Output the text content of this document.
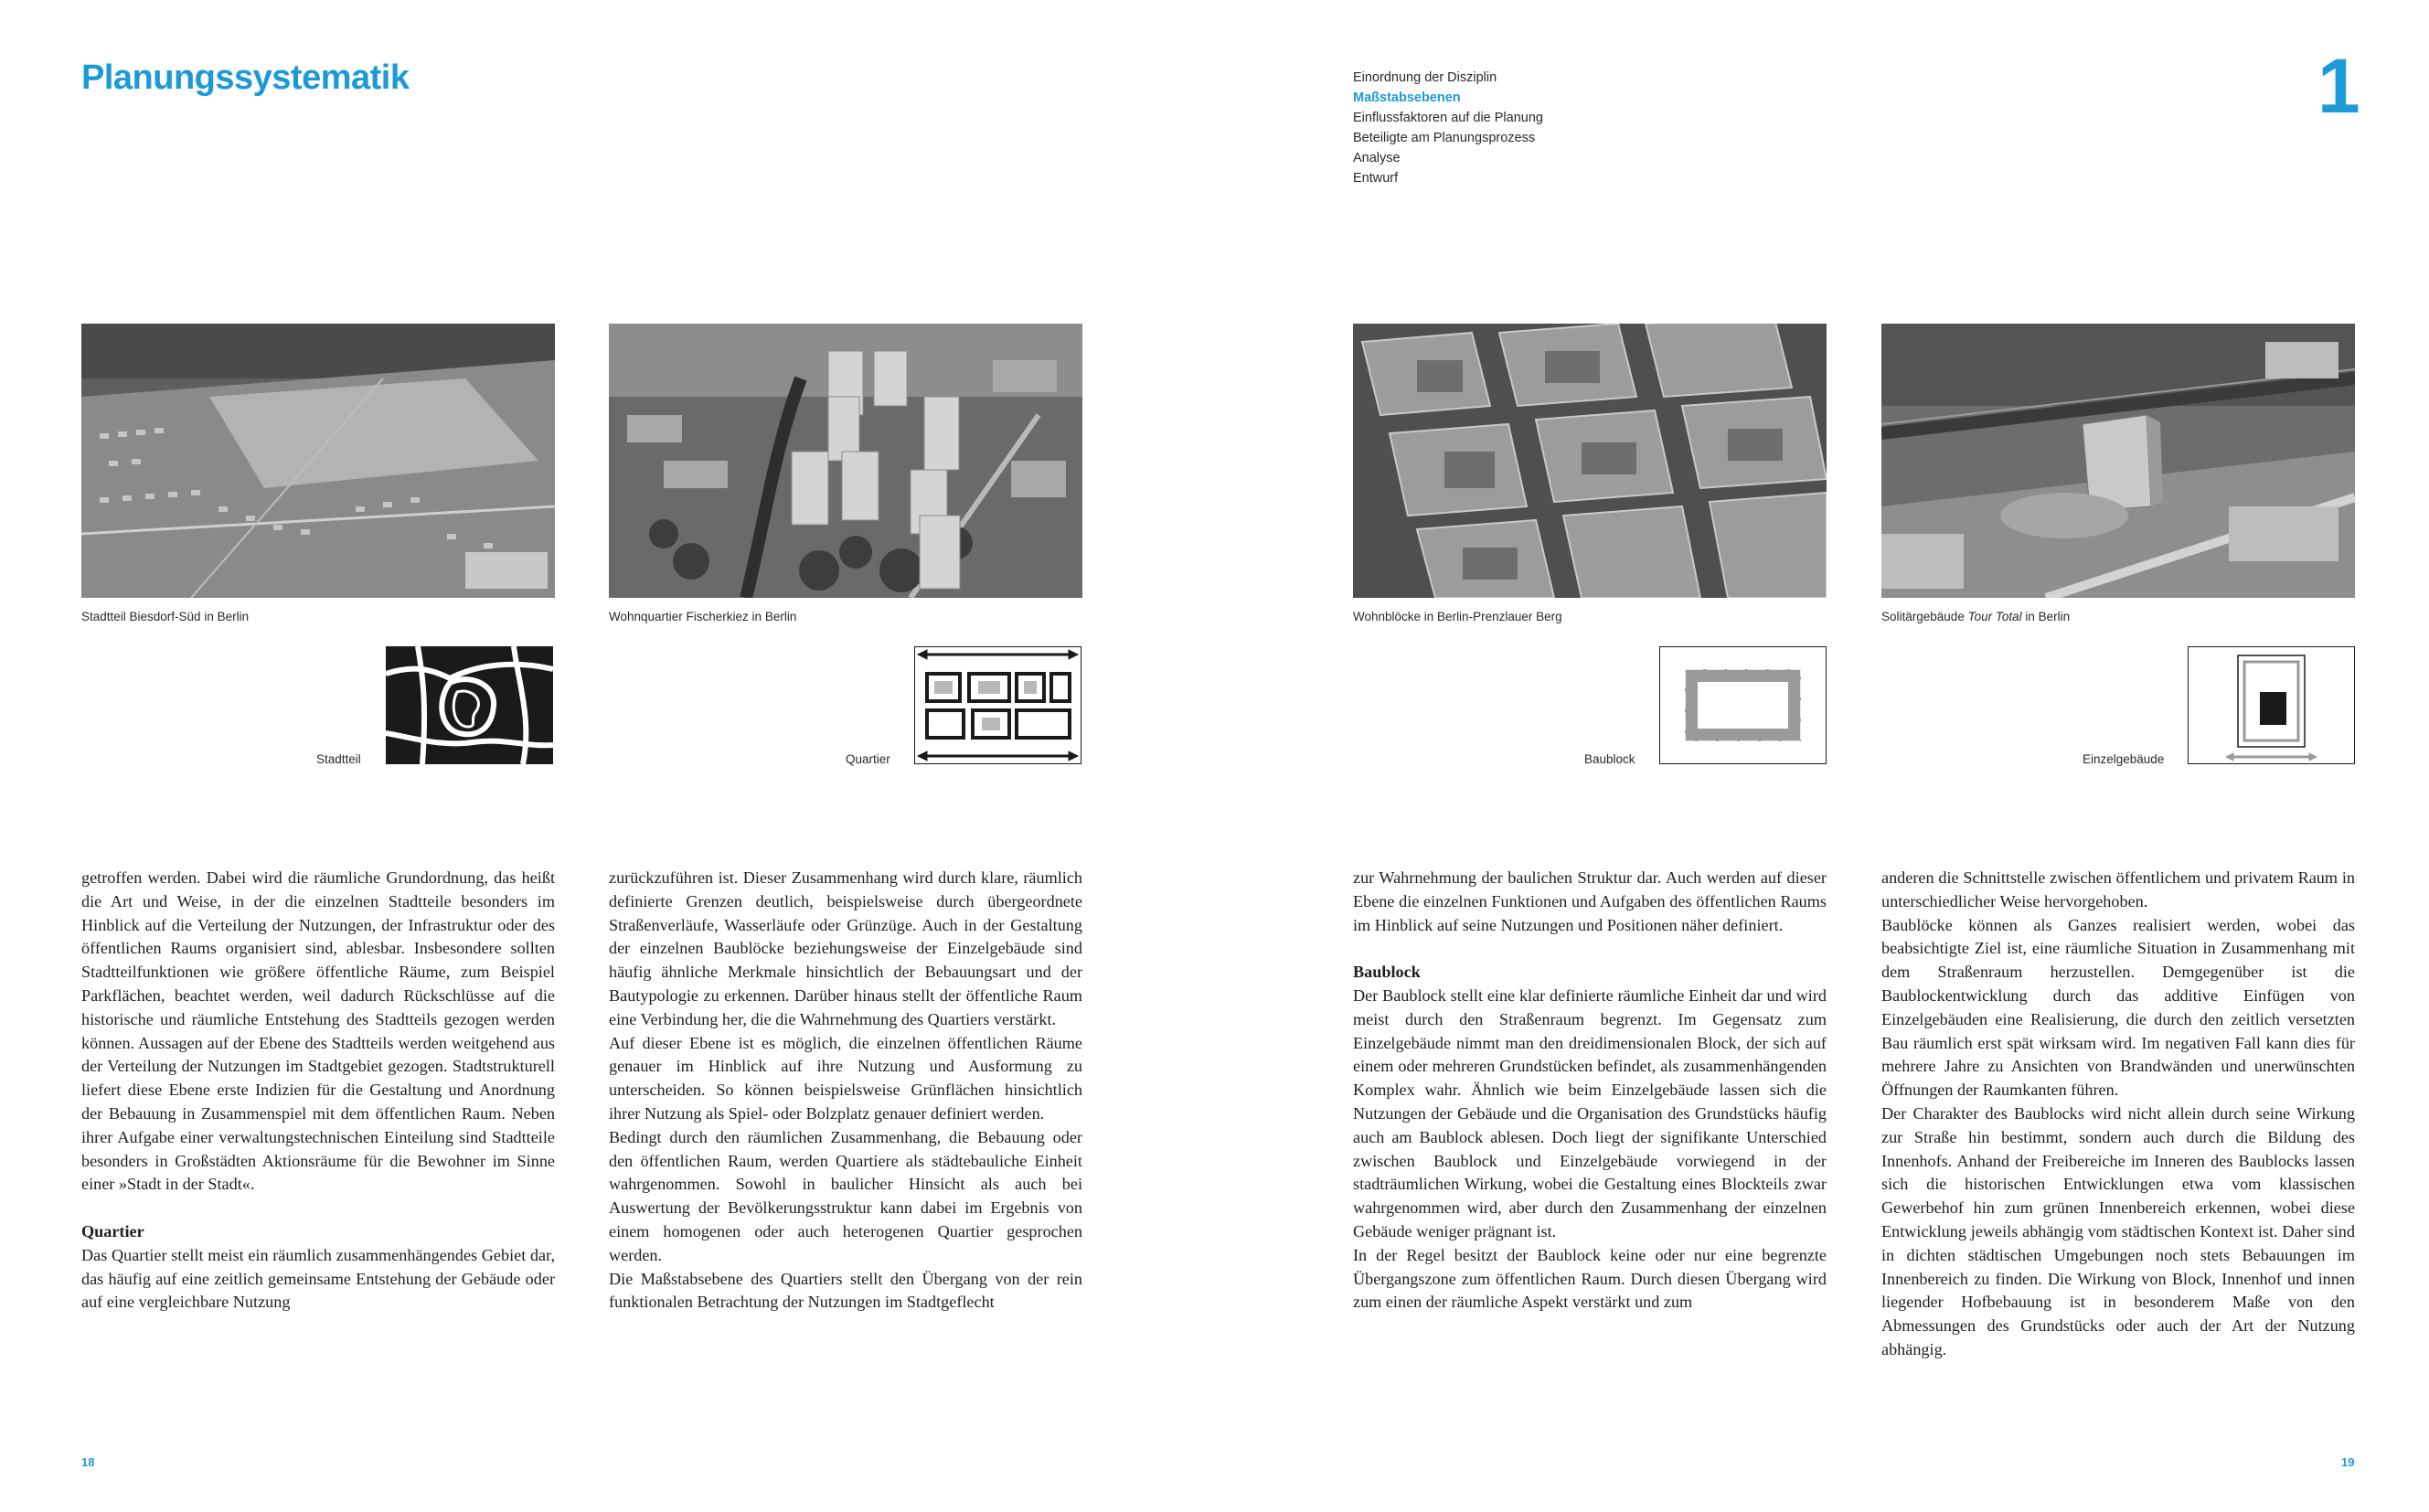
Planungssystematik	Einordnung der Disziplin
Maßstabsebenen
Einflussfaktoren auf die Planung
Beteiligte am Planungsprozess
Analyse
Entwurf
1
Stadtteil Biesdorf-Süd in Berlin	Wohnquartier Fischerkiez in Berlin	Wohnblöcke in Berlin-Prenzlauer Berg	Solitärgebäude Tour Total in Berlin
Stadtteil	Quartier	Baublock	Einzelgebäude

getroffen werden. Dabei wird die räumliche Grundordnung, das heißt die Art und Weise, in der die einzelnen Stadtteile besonders im Hinblick auf die Verteilung der Nutzungen, der Infrastruktur oder des öffentlichen Raums organisiert sind, ablesbar. Insbesondere sollten Stadtteilfunktionen wie größere öffentliche Räume, zum Beispiel Parkflächen, beachtet werden, weil dadurch Rückschlüsse auf die historische und räumliche Entstehung des Stadtteils gezogen werden können. Aussagen auf der Ebene des Stadtteils werden weitgehend aus der Verteilung der Nutzungen im Stadtgebiet gezogen. Stadtstrukturell liefert diese Ebene erste Indizien für die Gestaltung und Anordnung der Bebauung in Zusammenspiel mit dem öffentlichen Raum. Neben ihrer Aufgabe einer verwaltungstechnischen Einteilung sind Stadtteile besonders in Großstädten Aktionsräume für die Bewohner im Sinne einer »Stadt in der Stadt«.

Quartier

Das Quartier stellt meist ein räumlich zusammenhängendes Gebiet dar, das häufig auf eine zeitlich gemeinsame Entstehung der Gebäude oder auf eine vergleichbare Nutzung

zurückzuführen ist. Dieser Zusammenhang wird durch klare, räumlich definierte Grenzen deutlich, beispielsweise durch übergeordnete Straßenverläufe, Wasserläufe oder Grünzüge. Auch in der Gestaltung der einzelnen Baublöcke beziehungsweise der Einzelgebäude sind häufig ähnliche Merkmale hinsichtlich der Bebauungsart und der Bautypologie zu erkennen. Darüber hinaus stellt der öffentliche Raum eine Verbindung her, die die Wahrnehmung des Quartiers verstärkt.

Auf dieser Ebene ist es möglich, die einzelnen öffentlichen Räume genauer im Hinblick auf ihre Nutzung und Ausformung zu unterscheiden. So können beispielsweise Grünflächen hinsichtlich ihrer Nutzung als Spiel- oder Bolzplatz genauer definiert werden.

Bedingt durch den räumlichen Zusammenhang, die Bebauung oder den öffentlichen Raum, werden Quartiere als städtebauliche Einheit wahrgenommen. Sowohl in baulicher Hinsicht als auch bei Auswertung der Bevölkerungsstruktur kann dabei im Ergebnis von einem homogenen oder auch heterogenen Quartier gesprochen werden.

Die Maßstabsebene des Quartiers stellt den Übergang von der rein funktionalen Betrachtung der Nutzungen im Stadtgeflecht

zur Wahrnehmung der baulichen Struktur dar. Auch werden auf dieser Ebene die einzelnen Funktionen und Aufgaben des öffentlichen Raums im Hinblick auf seine Nutzungen und Positionen näher definiert.

Baublock

Der Baublock stellt eine klar definierte räumliche Einheit dar und wird meist durch den Straßenraum begrenzt. Im Gegensatz zum Einzelgebäude nimmt man den dreidimensionalen Block, der sich auf einem oder mehreren Grundstücken befindet, als zusammenhängenden Komplex wahr. Ähnlich wie beim Einzelgebäude lassen sich die Nutzungen der Gebäude und die Organisation des Grundstücks häufig auch am Baublock ablesen. Doch liegt der signifikante Unterschied zwischen Baublock und Einzelgebäude vorwiegend in der stadträumlichen Wirkung, wobei die Gestaltung eines Blockteils zwar wahrgenommen wird, aber durch den Zusammenhang der einzelnen Gebäude weniger prägnant ist.

In der Regel besitzt der Baublock keine oder nur eine begrenzte Übergangszone zum öffentlichen Raum. Durch diesen Übergang wird zum einen der räumliche Aspekt verstärkt und zum

anderen die Schnittstelle zwischen öffentlichem und privatem Raum in unterschiedlicher Weise hervorgehoben.

Baublöcke können als Ganzes realisiert werden, wobei das beabsichtigte Ziel ist, eine räumliche Situation in Zusammenhang mit dem Straßenraum herzustellen. Demgegenüber ist die Baublockentwicklung durch das additive Einfügen von Einzelgebäuden eine Realisierung, die durch den zeitlich versetzten Bau räumlich erst spät wirksam wird. Im negativen Fall kann dies für mehrere Jahre zu Ansichten von Brandwänden und unerwünschten Öffnungen der Raumkanten führen.

Der Charakter des Baublocks wird nicht allein durch seine Wirkung zur Straße hin bestimmt, sondern auch durch die Bildung des Innenhofs. Anhand der Freibereiche im Inneren des Baublocks lassen sich die historischen Entwicklungen etwa vom klassischen Gewerbehof hin zum grünen Innenbereich erkennen, wobei diese Entwicklung jeweils abhängig vom städtischen Kontext ist. Daher sind in dichten städtischen Umgebungen noch stets Bebauungen im Innenbereich zu finden. Die Wirkung von Block, Innenhof und innen liegender Hofbebauung ist in besonderem Maße von den Abmessungen des Grundstücks oder auch der Art der Nutzung abhängig.

18	19
